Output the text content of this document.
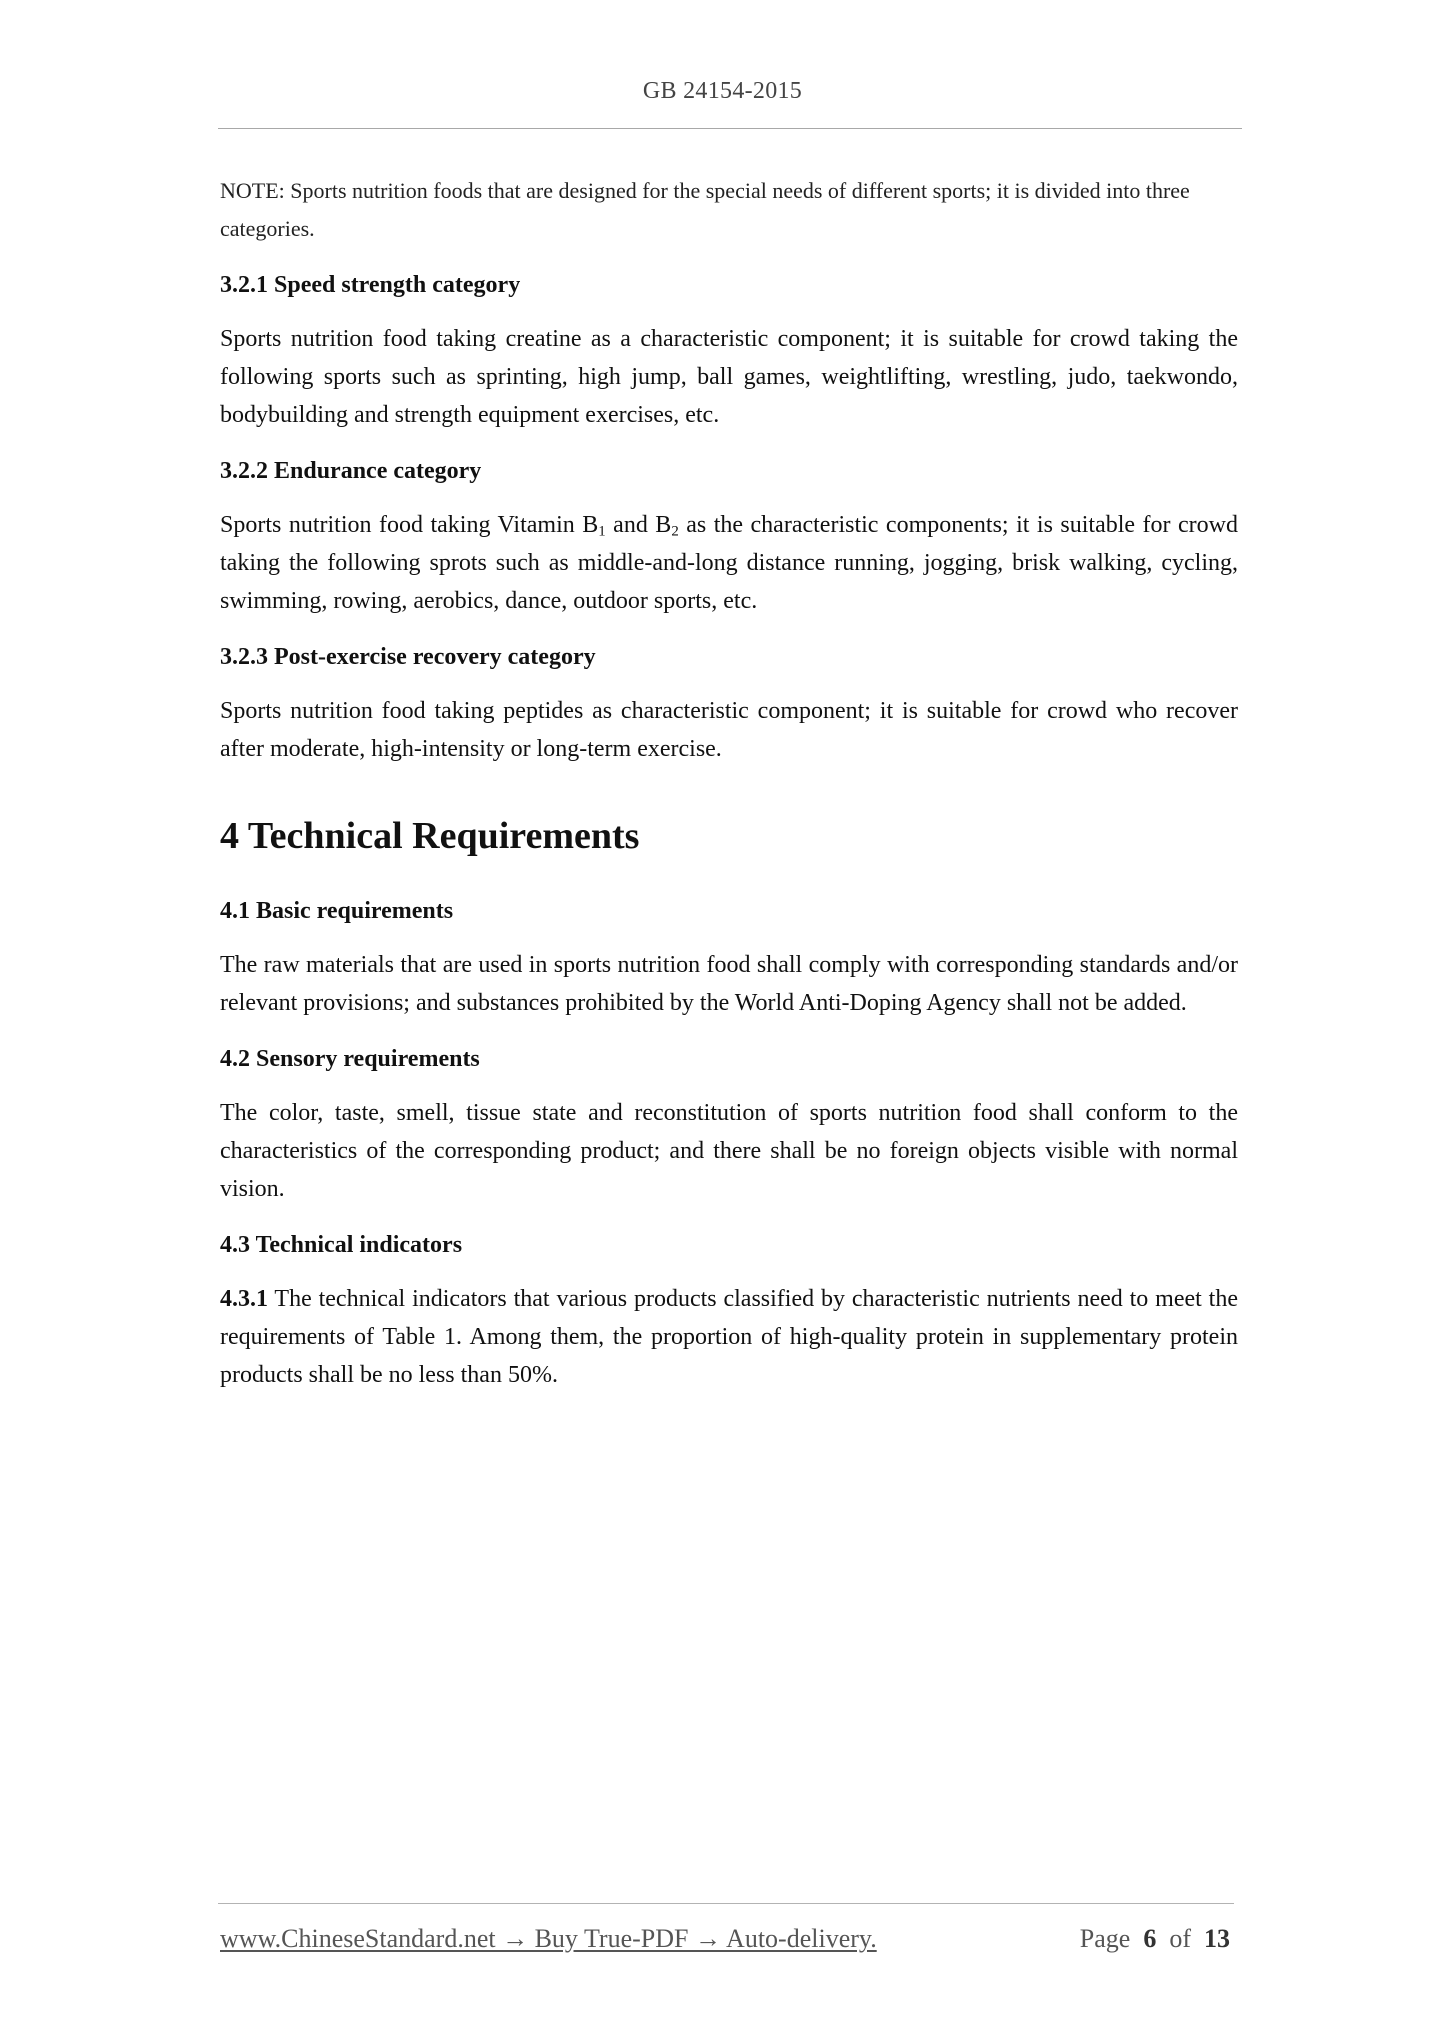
GB 24154-2015

NOTE: Sports nutrition foods that are designed for the special needs of different sports; it is divided into three categories.

3.2.1 Speed strength category

Sports nutrition food taking creatine as a characteristic component; it is suitable for crowd taking the following sports such as sprinting, high jump, ball games, weightlifting, wrestling, judo, taekwondo, bodybuilding and strength equipment exercises, etc.

3.2.2 Endurance category

Sports nutrition food taking Vitamin $B_1$ and $B_2$ as the characteristic components; it is suitable for crowd taking the following sprots such as middle-and-long distance running, jogging, brisk walking, cycling, swimming, rowing, aerobics, dance, outdoor sports, etc.

3.2.3 Post-exercise recovery category

Sports nutrition food taking peptides as characteristic component; it is suitable for crowd who recover after moderate, high-intensity or long-term exercise.

4 Technical Requirements

4.1 Basic requirements

The raw materials that are used in sports nutrition food shall comply with corresponding standards and/or relevant provisions; and substances prohibited by the World Anti-Doping Agency shall not be added.

4.2 Sensory requirements

The color, taste, smell, tissue state and reconstitution of sports nutrition food shall conform to the characteristics of the corresponding product; and there shall be no foreign objects visible with normal vision.

4.3 Technical indicators

4.3.1 The technical indicators that various products classified by characteristic nutrients need to meet the requirements of Table 1. Among them, the proportion of high-quality protein in supplementary protein products shall be no less than 50%.

www.ChineseStandard.net → Buy True-PDF → Auto-delivery.	Page 6 of 13
